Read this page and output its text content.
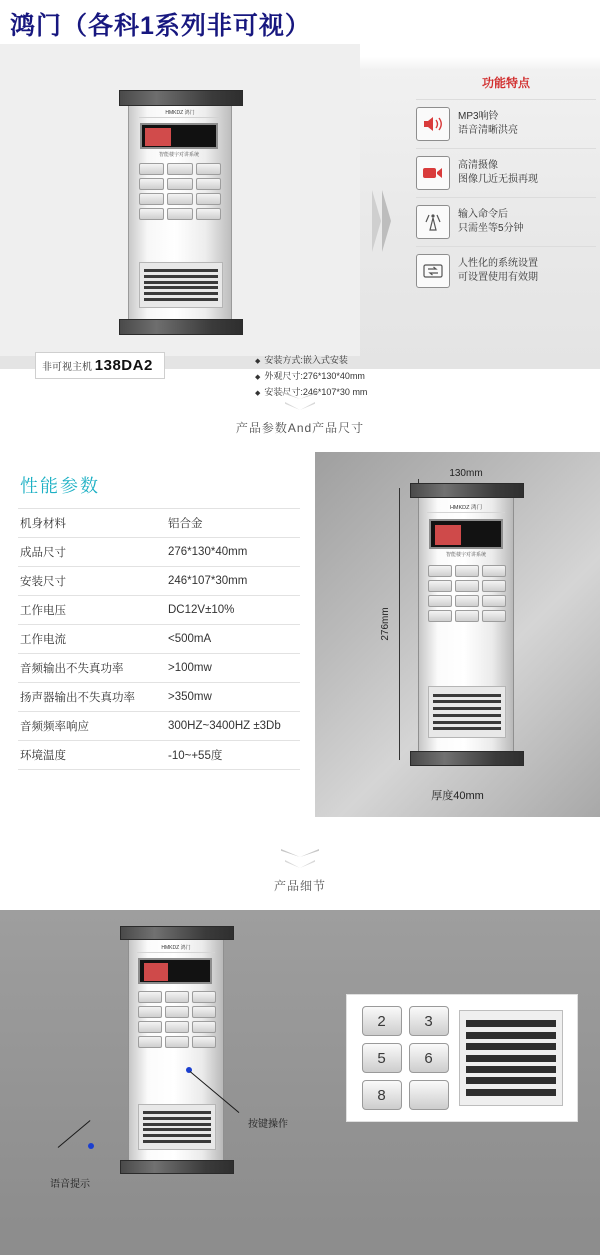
鸿门（各科1系列非可视）
HMKDZ 鸿门
智能楼宇对讲系统
非可视主机 138DA2	◆ 安装方式:嵌入式安装
◆ 外观尺寸:276*130*40mm
◆ 安装尺寸:246*107*30 mm
功能特点
MP3响铃
语音清晰洪亮
高清摄像
图像几近无损再现
输入命令后
只需坐等5分钟
人性化的系统设置
可设置使用有效期
产品参数And产品尺寸
性能参数
机身材料	铝合金
成品尺寸	276*130*40mm
安装尺寸	246*107*30mm
工作电压	DC12V±10%
工作电流	<500mA
音频输出不失真功率	>100mw
扬声器输出不失真功率	>350mw
音频频率响应	300HZ~3400HZ ±3Db
环境温度	-10~+55度
130mm
276mm
HMKDZ 鸿门
智能楼宇对讲系统
厚度40mm
产品细节
HMKDZ 鸿门
按键操作
语音提示
2	3
5	6
8
